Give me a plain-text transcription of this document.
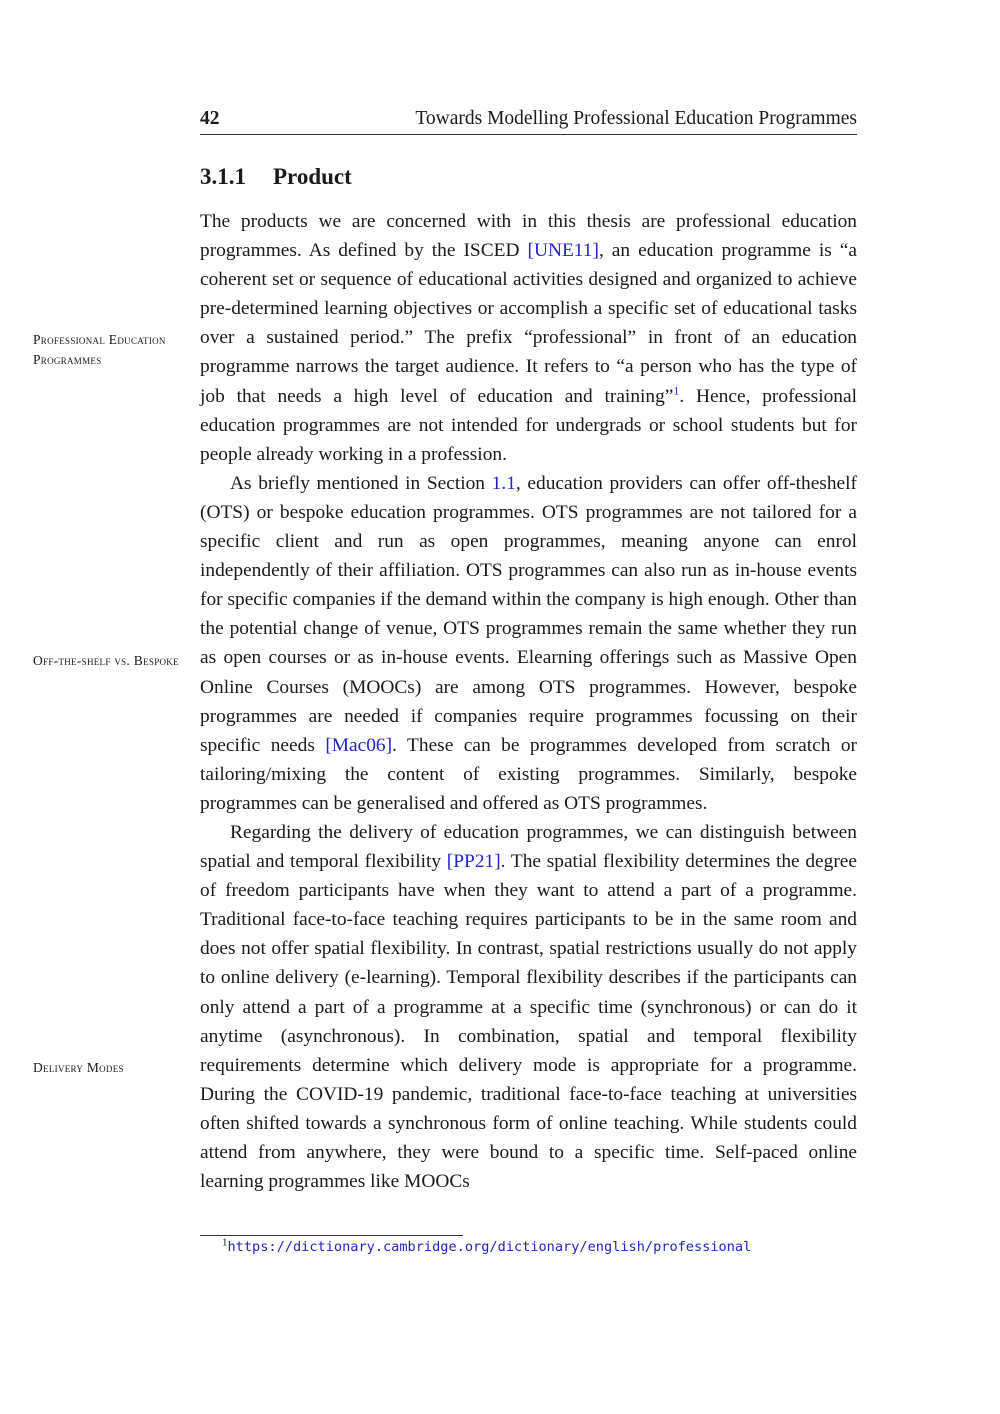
42	Towards Modelling Professional Education Programmes
3.1.1 Product
Professional Education Programmes
Off-the-shelf vs. Bespoke
Delivery Modes

The products we are concerned with in this thesis are professional education programmes. As defined by the ISCED [UNE11], an education programme is “a coherent set or sequence of educational activities designed and organized to achieve pre-determined learning objectives or accomplish a specific set of educational tasks over a sustained period.” The prefix “professional” in front of an education programme narrows the target audience. It refers to “a person who has the type of job that needs a high level of education and training”$^1$. Hence, professional education programmes are not intended for undergrads or school students but for people already working in a profession.

As briefly mentioned in Section 1.1, education providers can offer off-theshelf (OTS) or bespoke education programmes. OTS programmes are not tailored for a specific client and run as open programmes, meaning anyone can enrol independently of their affiliation. OTS programmes can also run as in-house events for specific companies if the demand within the company is high enough. Other than the potential change of venue, OTS programmes remain the same whether they run as open courses or as in-house events. Elearning offerings such as Massive Open Online Courses (MOOCs) are among OTS programmes. However, bespoke programmes are needed if companies require programmes focussing on their specific needs [Mac06]. These can be programmes developed from scratch or tailoring/mixing the content of existing programmes. Similarly, bespoke programmes can be generalised and offered as OTS programmes.

Regarding the delivery of education programmes, we can distinguish between spatial and temporal flexibility [PP21]. The spatial flexibility determines the degree of freedom participants have when they want to attend a part of a programme. Traditional face-to-face teaching requires participants to be in the same room and does not offer spatial flexibility. In contrast, spatial restrictions usually do not apply to online delivery (e-learning). Temporal flexibility describes if the participants can only attend a part of a programme at a specific time (synchronous) or can do it anytime (asynchronous). In combination, spatial and temporal flexibility requirements determine which delivery mode is appropriate for a programme. During the COVID-19 pandemic, traditional face-to-face teaching at universities often shifted towards a synchronous form of online teaching. While students could attend from anywhere, they were bound to a specific time. Self-paced online learning programmes like MOOCs

$^1$https://dictionary.cambridge.org/dictionary/english/professional
